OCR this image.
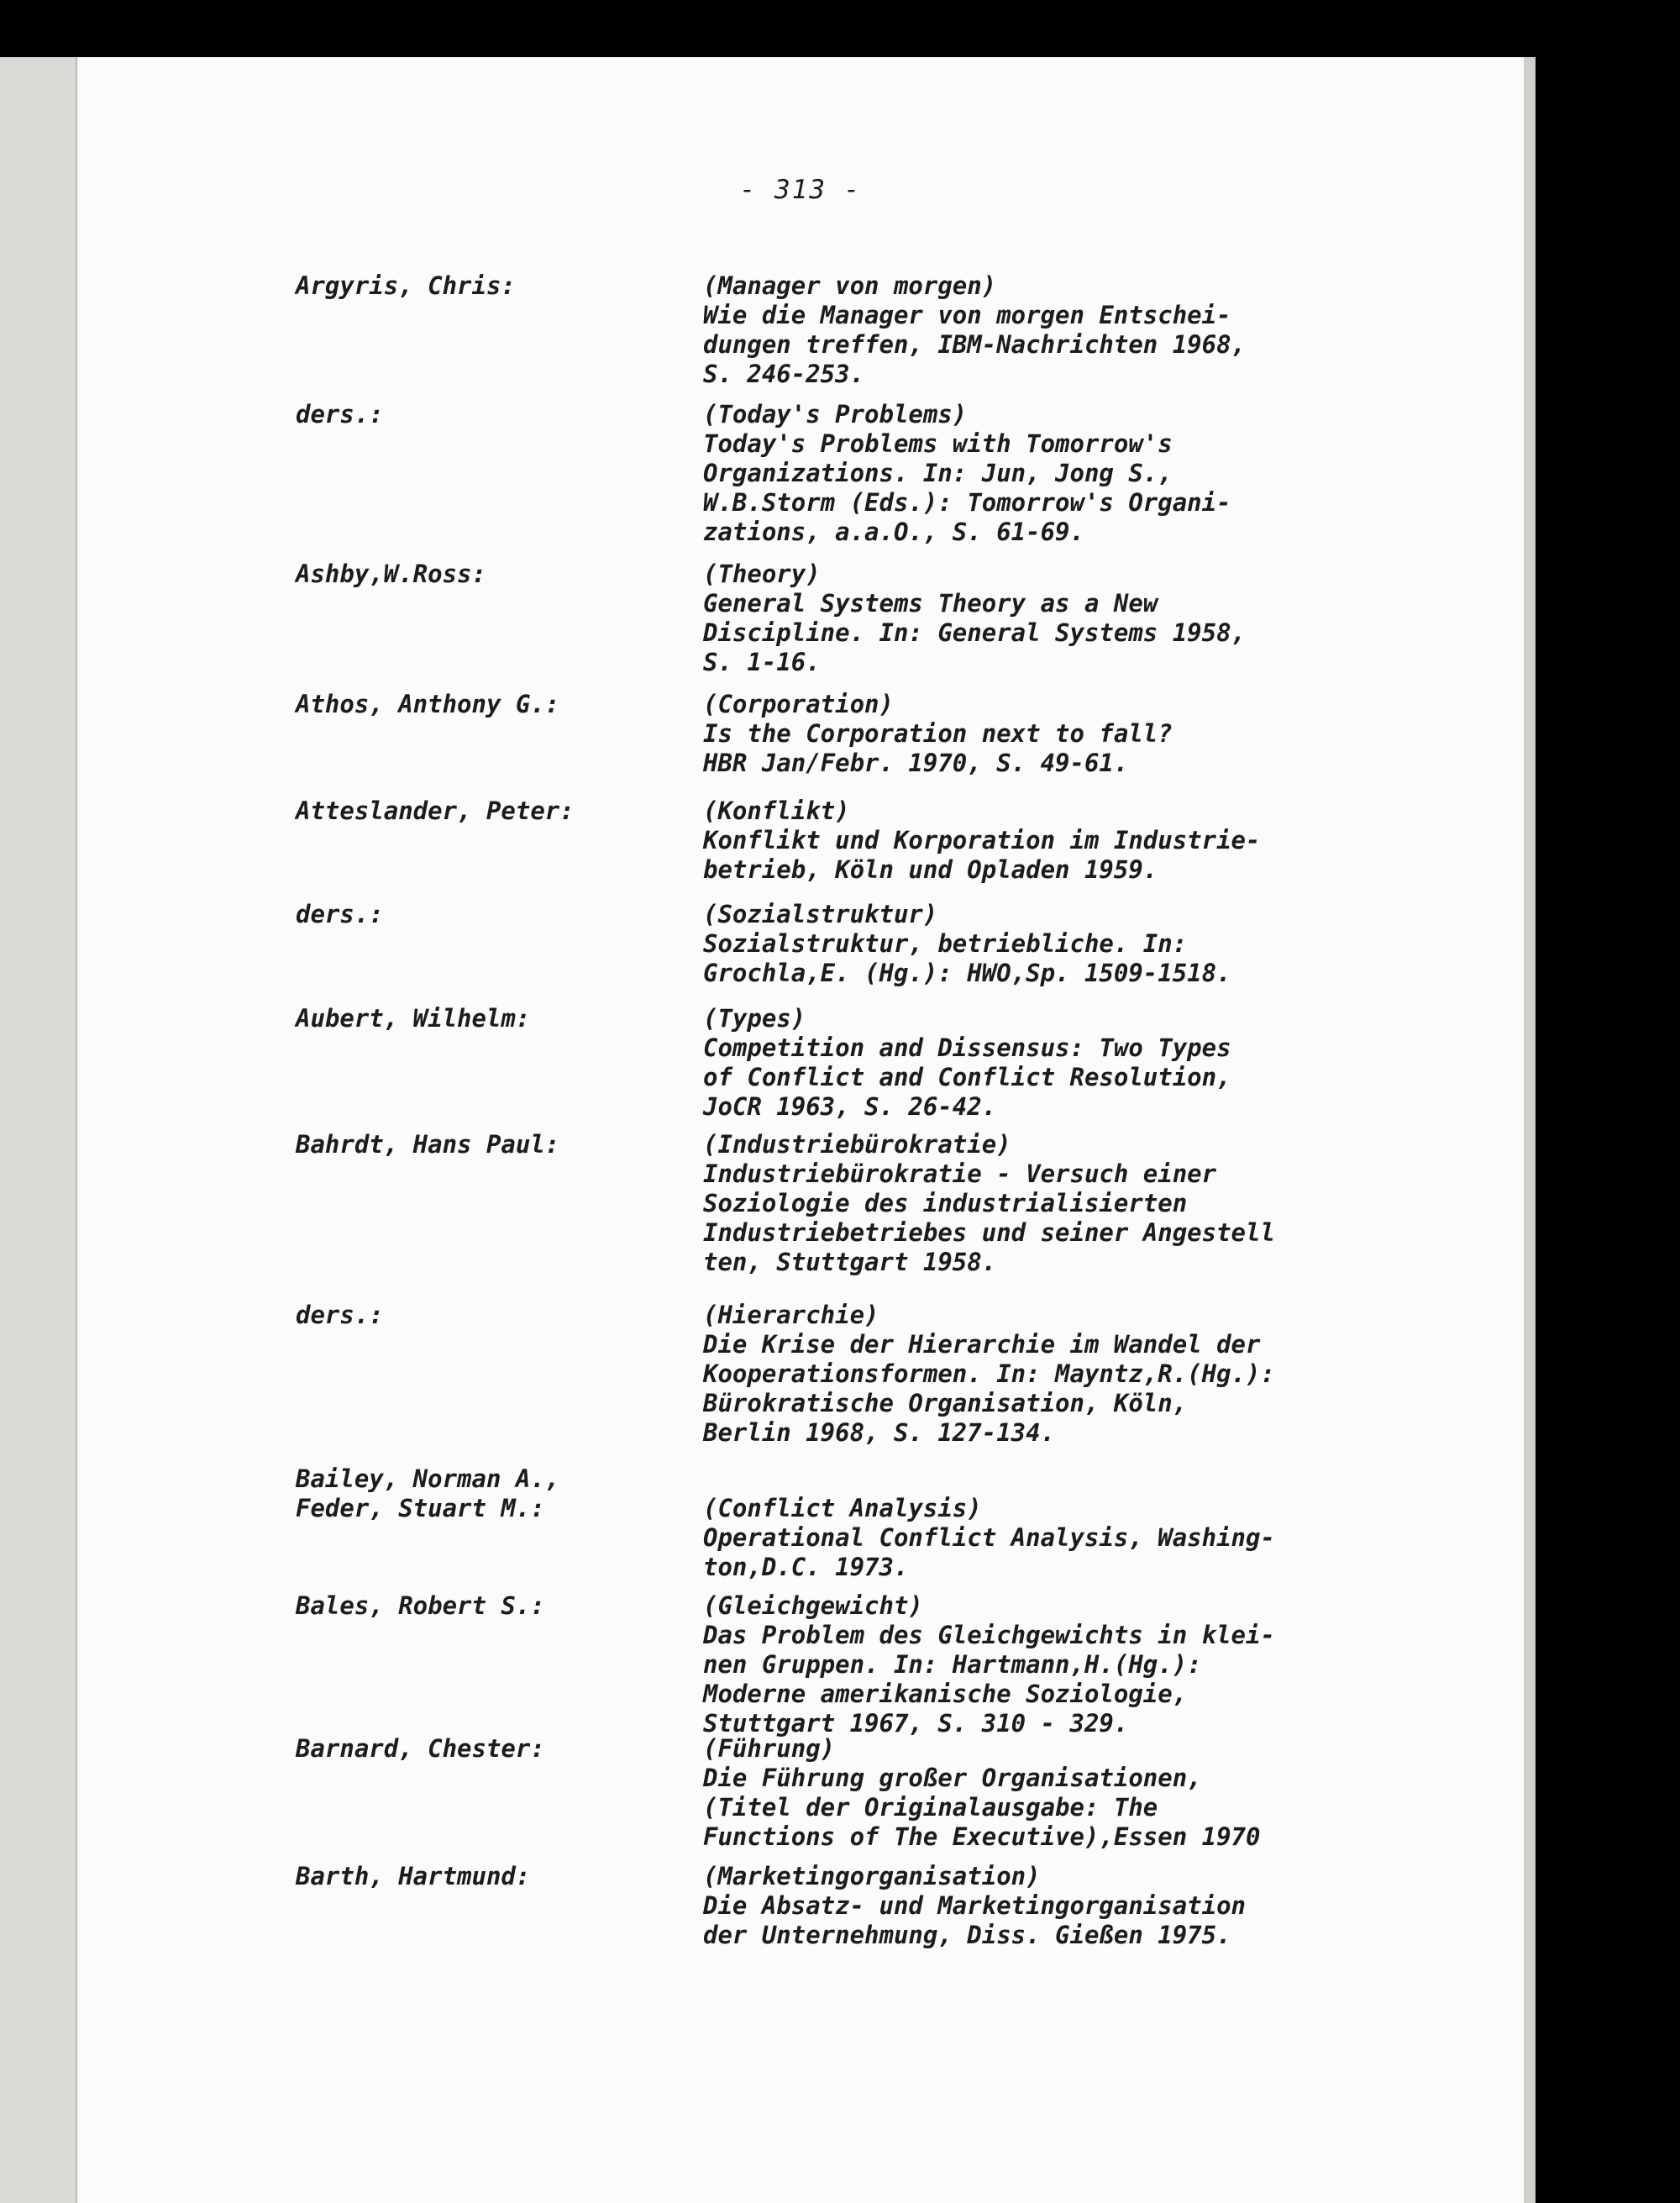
- 313 -
Argyris, Chris:	(Manager von morgen)
Wie die Manager von morgen Entschei-
dungen treffen, IBM-Nachrichten 1968,
S. 246-253.
ders.:	(Today's Problems)
Today's Problems with Tomorrow's
Organizations. In: Jun, Jong S.,
W.B.Storm (Eds.): Tomorrow's Organi-
zations, a.a.O., S. 61-69.
Ashby,W.Ross:	(Theory)
General Systems Theory as a New
Discipline. In: General Systems 1958,
S. 1-16.
Athos, Anthony G.:	(Corporation)
Is the Corporation next to fall?
HBR Jan/Febr. 1970, S. 49-61.
Atteslander, Peter:	(Konflikt)
Konflikt und Korporation im Industrie-
betrieb, Köln und Opladen 1959.
ders.:	(Sozialstruktur)
Sozialstruktur, betriebliche. In:
Grochla,E. (Hg.): HWO,Sp. 1509-1518.
Aubert, Wilhelm:	(Types)
Competition and Dissensus: Two Types
of Conflict and Conflict Resolution,
JoCR 1963, S. 26-42.
Bahrdt, Hans Paul:	(Industriebürokratie)
Industriebürokratie - Versuch einer
Soziologie des industrialisierten
Industriebetriebes und seiner Angestell
ten, Stuttgart 1958.
ders.:	(Hierarchie)
Die Krise der Hierarchie im Wandel der
Kooperationsformen. In: Mayntz,R.(Hg.):
Bürokratische Organisation, Köln,
Berlin 1968, S. 127-134.
Bailey, Norman A.,
Feder, Stuart M.:	(Conflict Analysis)
Operational Conflict Analysis, Washing-
ton,D.C. 1973.
Bales, Robert S.:	(Gleichgewicht)
Das Problem des Gleichgewichts in klei-
nen Gruppen. In: Hartmann,H.(Hg.):
Moderne amerikanische Soziologie,
Stuttgart 1967, S. 310 - 329.
Barnard, Chester:	(Führung)
Die Führung großer Organisationen,
(Titel der Originalausgabe: The
Functions of The Executive),Essen 1970
Barth, Hartmund:	(Marketingorganisation)
Die Absatz- und Marketingorganisation
der Unternehmung, Diss. Gießen 1975.
